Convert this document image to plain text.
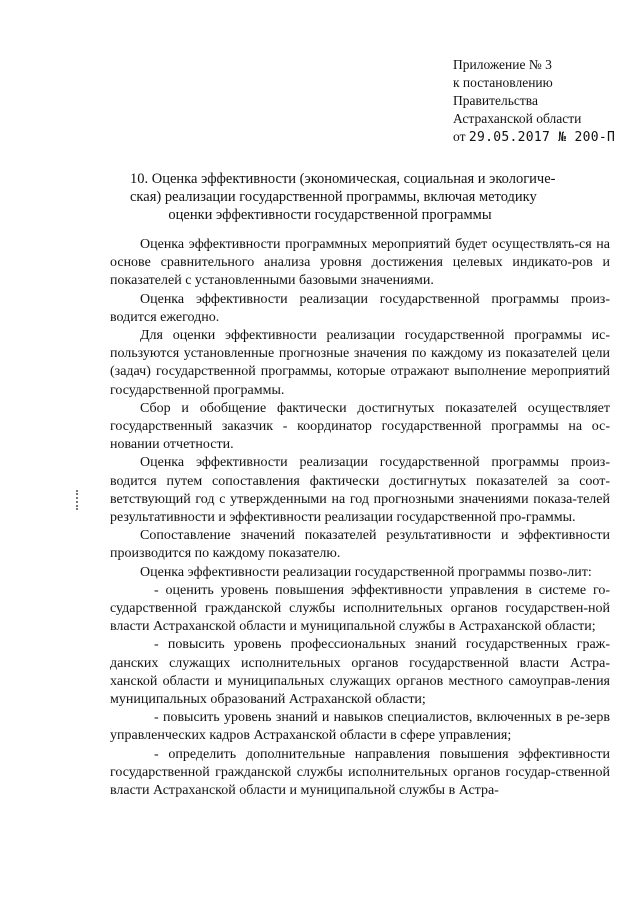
Приложение № 3
к постановлению
Правительства
Астраханской области
от 29.05.2017 № 200-П
10. Оценка эффективности (экономическая, социальная и экологиче-
ская) реализации государственной программы, включая методику
оценки эффективности государственной программы

Оценка эффективности программных мероприятий будет осуществлять-ся на основе сравнительного анализа уровня достижения целевых индикато-ров и показателей с установленными базовыми значениями.

Оценка эффективности реализации государственной программы произ-водится ежегодно.

Для оценки эффективности реализации государственной программы ис-пользуются установленные прогнозные значения по каждому из показателей цели (задач) государственной программы, которые отражают выполнение мероприятий государственной программы.

Сбор и обобщение фактически достигнутых показателей осуществляет государственный заказчик - координатор государственной программы на ос-новании отчетности.

Оценка эффективности реализации государственной программы произ-водится путем сопоставления фактически достигнутых показателей за соот-ветствующий год с утвержденными на год прогнозными значениями показа-телей результативности и эффективности реализации государственной про-граммы.

Сопоставление значений показателей результативности и эффективности производится по каждому показателю.

Оценка эффективности реализации государственной программы позво-лит:

- оценить уровень повышения эффективности управления в системе го-сударственной гражданской службы исполнительных органов государствен-ной власти Астраханской области и муниципальной службы в Астраханской области;

- повысить уровень профессиональных знаний государственных граж-данских служащих исполнительных органов государственной власти Астра-ханской области и муниципальных служащих органов местного самоуправ-ления муниципальных образований Астраханской области;

- повысить уровень знаний и навыков специалистов, включенных в ре-зерв управленческих кадров Астраханской области в сфере управления;

- определить дополнительные направления повышения эффективности государственной гражданской службы исполнительных органов государ-ственной власти Астраханской области и муниципальной службы в Астра-
